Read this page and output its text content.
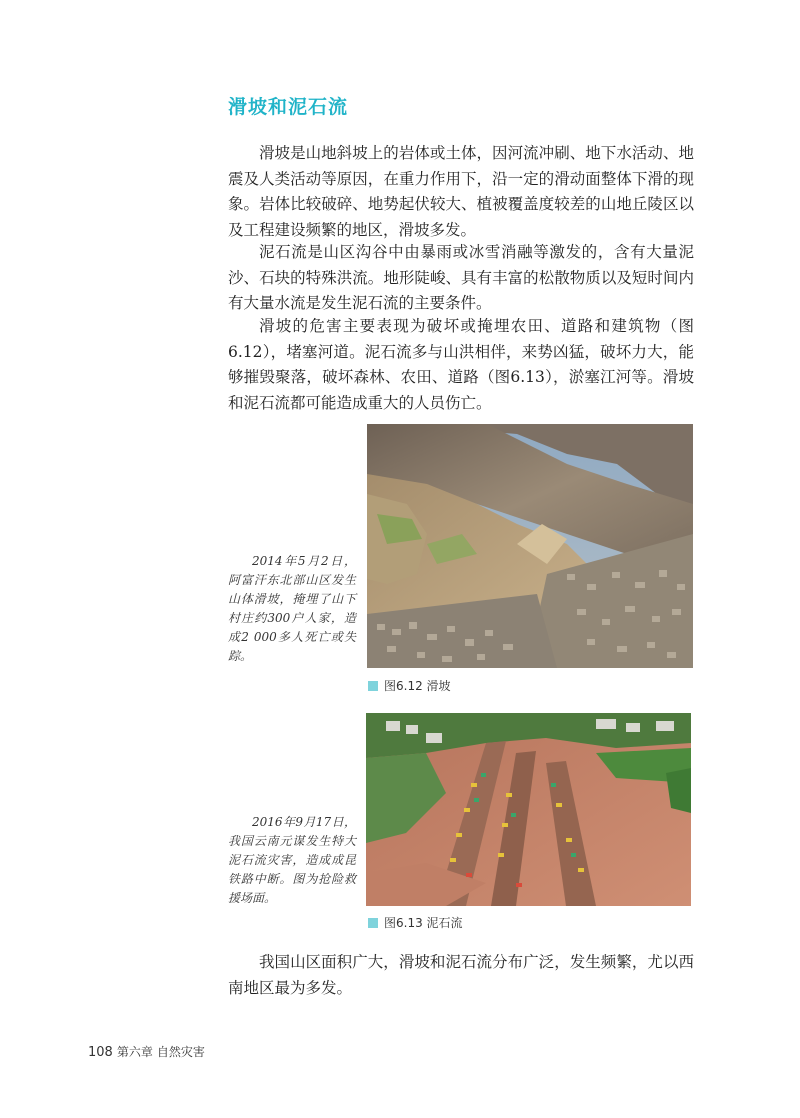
滑坡和泥石流

滑坡是山地斜坡上的岩体或土体，因河流冲刷、地下水活动、地震及人类活动等原因，在重力作用下，沿一定的滑动面整体下滑的现象。岩体比较破碎、地势起伏较大、植被覆盖度较差的山地丘陵区以及工程建设频繁的地区，滑坡多发。

泥石流是山区沟谷中由暴雨或冰雪消融等激发的，含有大量泥沙、石块的特殊洪流。地形陡峻、具有丰富的松散物质以及短时间内有大量水流是发生泥石流的主要条件。

滑坡的危害主要表现为破坏或掩埋农田、道路和建筑物（图6.12），堵塞河道。泥石流多与山洪相伴，来势凶猛，破坏力大，能够摧毁聚落，破坏森林、农田、道路（图6.13），淤塞江河等。滑坡和泥石流都可能造成重大的人员伤亡。

2014年5月2日，阿富汗东北部山区发生山体滑坡，掩埋了山下村庄约300户人家，造成2 000多人死亡或失踪。
图6.12 滑坡
2016年9月17日，我国云南元谋发生特大泥石流灾害，造成成昆铁路中断。图为抢险救援场面。
图6.13 泥石流

我国山区面积广大，滑坡和泥石流分布广泛，发生频繁，尤以西南地区最为多发。

108 第六章 自然灾害
